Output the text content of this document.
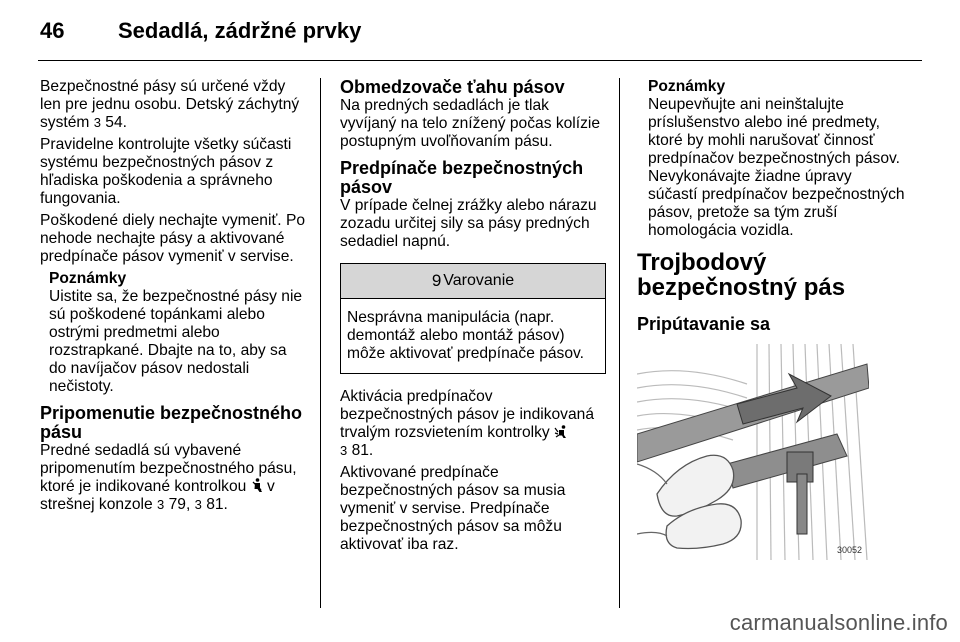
46 Sedadlá, zádržné prvky

Bezpečnostné pásy sú určené vždy len pre jednu osobu. Detský záchytný systém 3 54.

Pravidelne kontrolujte všetky súčasti systému bezpečnostných pásov z hľadiska poškodenia a správneho fungovania.

Poškodené diely nechajte vymeniť. Po nehode nechajte pásy a aktivované predpínače pásov vymeniť v servise.

Poznámky
Uistite sa, že bezpečnostné pásy nie sú poškodené topánkami alebo ostrými predmetmi alebo rozstrapkané. Dbajte na to, aby sa do navíjačov pásov nedostali nečistoty.
Pripomenutie bezpečnostného pásu

Predné sedadlá sú vybavené pripomenutím bezpečnostného pásu, ktoré je indikované kontrolkou  v strešnej konzole 3 79, 3 81.

Obmedzovače ťahu pásov

Na predných sedadlách je tlak vyvíjaný na telo znížený počas kolízie postupným uvoľňovaním pásu.

Predpínače bezpečnostných pásov

V prípade čelnej zrážky alebo nárazu zozadu určitej sily sa pásy predných sedadiel napnú.

9 Varovanie
Nesprávna manipulácia (napr. demontáž alebo montáž pásov) môže aktivovať predpínače pásov.

Aktivácia predpínačov bezpečnostných pásov je indikovaná trvalým rozsvietením kontrolky
3 81.

Aktivované predpínače bezpečnostných pásov sa musia vymeniť v servise. Predpínače bezpečnostných pásov sa môžu aktivovať iba raz.

Poznámky
Neupevňujte ani neinštalujte príslušenstvo alebo iné predmety, ktoré by mohli narušovať činnosť predpínačov bezpečnostných pásov. Nevykonávajte žiadne úpravy súčastí predpínačov bezpečnostných pásov, pretože sa tým zruší homologácia vozidla.
Trojbodový bezpečnostný pás
Pripútavanie sa
30052
carmanualsonline.info
